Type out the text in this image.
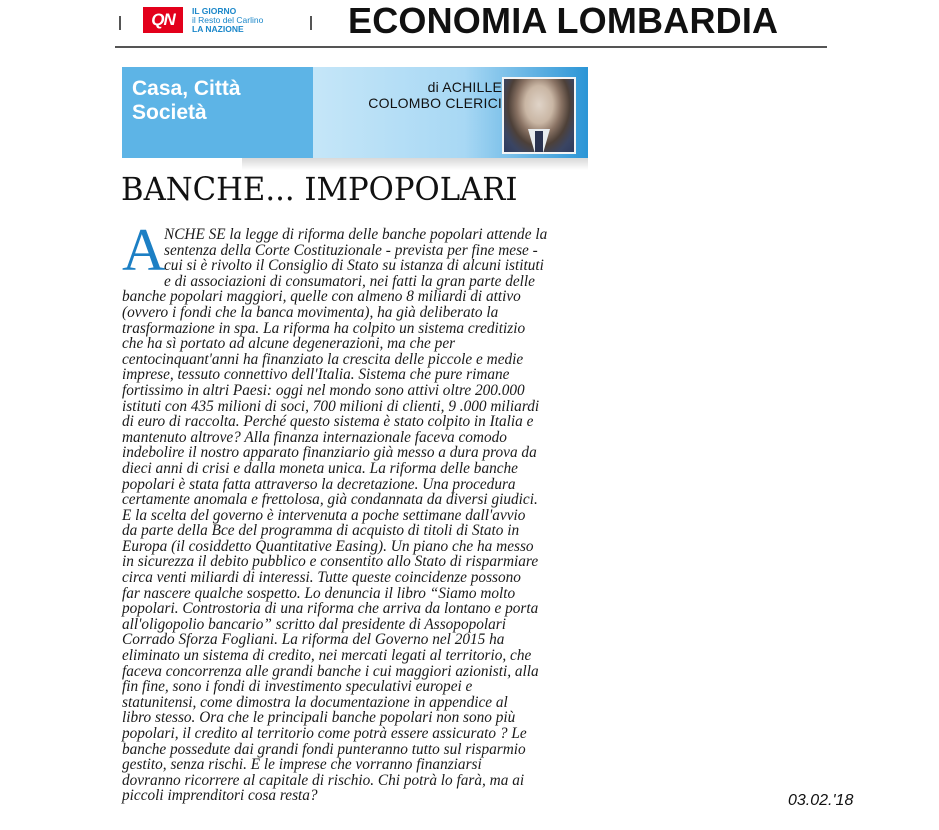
QN	IL GIORNO
il Resto del Carlino
LA NAZIONE	ECONOMIA LOMBARDIA
Casa, Città
Società
di ACHILLE
COLOMBO CLERICI
BANCHE... IMPOPOLARI
A
NCHE SE la legge di riforma delle banche popolari attende la
sentenza della Corte Costituzionale - prevista per fine mese -
cui si è rivolto il Consiglio di Stato su istanza di alcuni istituti
e di associazioni di consumatori, nei fatti la gran parte delle
banche popolari maggiori, quelle con almeno 8 miliardi di attivo
(ovvero i fondi che la banca movimenta), ha già deliberato la
trasformazione in spa. La riforma ha colpito un sistema creditizio
che ha sì portato ad alcune degenerazioni, ma che per
centocinquant'anni ha finanziato la crescita delle piccole e medie
imprese, tessuto connettivo dell'Italia. Sistema che pure rimane
fortissimo in altri Paesi: oggi nel mondo sono attivi oltre 200.000
istituti con 435 milioni di soci, 700 milioni di clienti, 9 .000 miliardi
di euro di raccolta. Perché questo sistema è stato colpito in Italia e
mantenuto altrove? Alla finanza internazionale faceva comodo
indebolire il nostro apparato finanziario già messo a dura prova da
dieci anni di crisi e dalla moneta unica. La riforma delle banche
popolari è stata fatta attraverso la decretazione. Una procedura
certamente anomala e frettolosa, già condannata da diversi giudici.
E la scelta del governo è intervenuta a poche settimane dall'avvio
da parte della Bce del programma di acquisto di titoli di Stato in
Europa (il cosiddetto Quantitative Easing). Un piano che ha messo
in sicurezza il debito pubblico e consentito allo Stato di risparmiare
circa venti miliardi di interessi. Tutte queste coincidenze possono
far nascere qualche sospetto. Lo denuncia il libro “Siamo molto
popolari. Controstoria di una riforma che arriva da lontano e porta
all'oligopolio bancario” scritto dal presidente di Assopopolari
Corrado Sforza Fogliani. La riforma del Governo nel 2015 ha
eliminato un sistema di credito, nei mercati legati al territorio, che
faceva concorrenza alle grandi banche i cui maggiori azionisti, alla
fin fine, sono i fondi di investimento speculativi europei e
statunitensi, come dimostra la documentazione in appendice al
libro stesso. Ora che le principali banche popolari non sono più
popolari, il credito al territorio come potrà essere assicurato ? Le
banche possedute dai grandi fondi punteranno tutto sul risparmio
gestito, senza rischi. E le imprese che vorranno finanziarsi
dovranno ricorrere al capitale di rischio. Chi potrà lo farà, ma ai
piccoli imprenditori cosa resta?	03.02.'18
